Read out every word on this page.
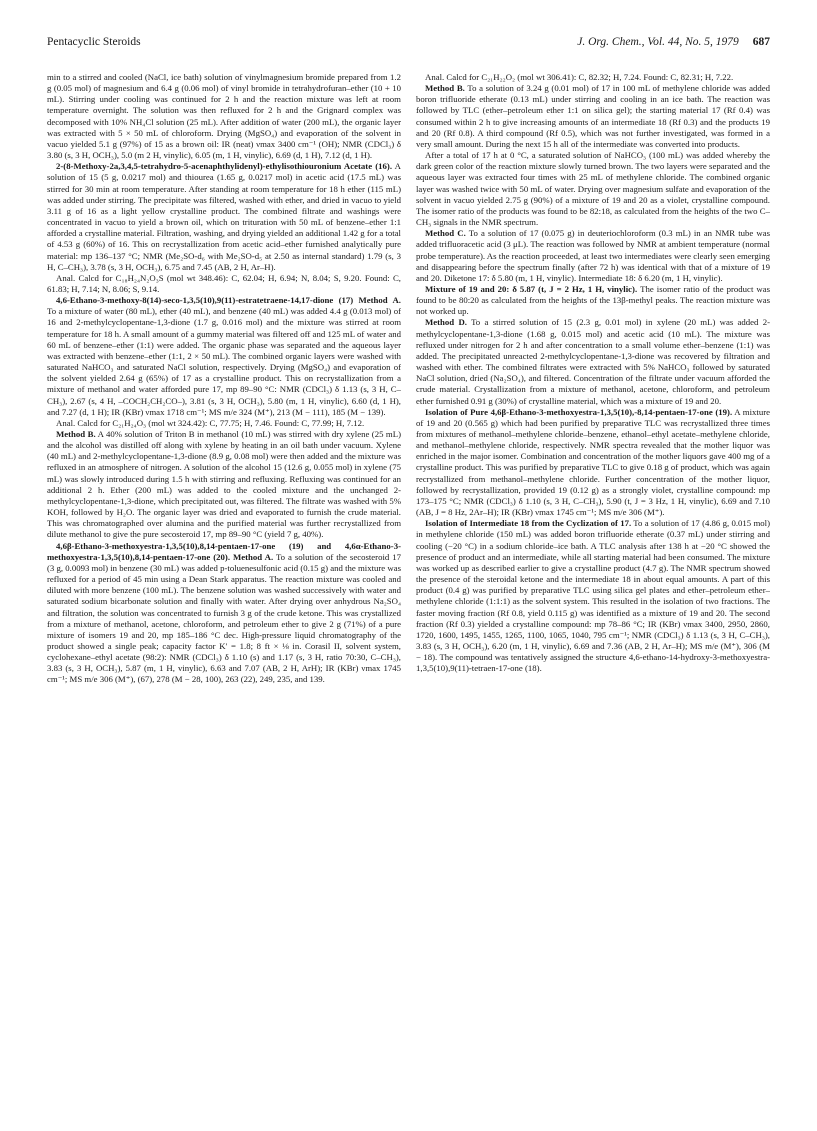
Pentacyclic Steroids	J. Org. Chem., Vol. 44, No. 5, 1979 687

min to a stirred and cooled (NaCl, ice bath) solution of vinylmagnesium bromide prepared from 1.2 g (0.05 mol) of magnesium and 6.4 g (0.06 mol) of vinyl bromide in tetrahydrofuran–ether (10 + 10 mL). Stirring under cooling was continued for 2 h and the reaction mixture was left at room temperature overnight. The solution was then refluxed for 2 h and the Grignard complex was decomposed with 10% NH₄Cl solution (25 mL). After addition of water (200 mL), the organic layer was extracted with 5 × 50 mL of chloroform. Drying (MgSO₄) and evaporation of the solvent in vacuo yielded 5.1 g (97%) of 15 as a brown oil: IR (neat) νmax 3400 cm⁻¹ (OH); NMR (CDCl₃) δ 3.80 (s, 3 H, OCH₃), 5.0 (m 2 H, vinylic), 6.05 (m, 1 H, vinylic), 6.69 (d, 1 H), 7.12 (d, 1 H).

2-(8-Methoxy-2a,3,4,5-tetrahydro-5-acenaphthylidenyl)-ethylisothiouronium Acetate (16). A solution of 15 (5 g, 0.0217 mol) and thiourea (1.65 g, 0.0217 mol) in acetic acid (17.5 mL) was stirred for 30 min at room temperature. After standing at room temperature for 18 h ether (115 mL) was added under stirring. The precipitate was filtered, washed with ether, and dried in vacuo to yield 3.11 g of 16 as a light yellow crystalline product. The combined filtrate and washings were concentrated in vacuo to yield a brown oil, which on trituration with 50 mL of benzene–ether 1:1 afforded a crystalline material. Filtration, washing, and drying yielded an additional 1.42 g for a total of 4.53 g (60%) of 16. This on recrystallization from acetic acid–ether furnished analytically pure material: mp 136–137 °C; NMR (Me₂SO-d₆ with Me₂SO-d₅ at 2.50 as internal standard) 1.79 (s, 3 H, C–CH₃), 3.78 (s, 3 H, OCH₃), 6.75 and 7.45 (AB, 2 H, Ar–H).

Anal. Calcd for C₁₈H₂₄N₂O₃S (mol wt 348.46): C, 62.04; H, 6.94; N, 8.04; S, 9.20. Found: C, 61.83; H, 7.14; N, 8.06; S, 9.14.

4,6-Ethano-3-methoxy-8(14)-seco-1,3,5(10),9(11)-estratetraene-14,17-dione (17) Method A. To a mixture of water (80 mL), ether (40 mL), and benzene (40 mL) was added 4.4 g (0.013 mol) of 16 and 2-methylcyclopentane-1,3-dione (1.7 g, 0.016 mol) and the mixture was stirred at room temperature for 18 h. A small amount of a gummy material was filtered off and 125 mL of water and 60 mL of benzene–ether (1:1) were added. The organic phase was separated and the aqueous layer was extracted with benzene–ether (1:1, 2 × 50 mL). The combined organic layers were washed with saturated NaHCO₃ and saturated NaCl solution, respectively. Drying (MgSO₄) and evaporation of the solvent yielded 2.64 g (65%) of 17 as a crystalline product. This on recrystallization from a mixture of methanol and water afforded pure 17, mp 89–90 °C: NMR (CDCl₃) δ 1.13 (s, 3 H, C–CH₃), 2.67 (s, 4 H, –COCH₂CH₂CO–), 3.81 (s, 3 H, OCH₃), 5.80 (m, 1 H, vinylic), 6.60 (d, 1 H), and 7.27 (d, 1 H); IR (KBr) νmax 1718 cm⁻¹; MS m/e 324 (M⁺), 213 (M − 111), 185 (M − 139).

Anal. Calcd for C₂₁H₂₄O₃ (mol wt 324.42): C, 77.75; H, 7.46. Found: C, 77.99; H, 7.12.

Method B. A 40% solution of Triton B in methanol (10 mL) was stirred with dry xylene (25 mL) and the alcohol was distilled off along with xylene by heating in an oil bath under vacuum. Xylene (40 mL) and 2-methylcyclopentane-1,3-dione (8.9 g, 0.08 mol) were then added and the mixture was refluxed in an atmosphere of nitrogen. A solution of the alcohol 15 (12.6 g, 0.055 mol) in xylene (75 mL) was slowly introduced during 1.5 h with stirring and refluxing. Refluxing was continued for an additional 2 h. Ether (200 mL) was added to the cooled mixture and the unchanged 2-methylcyclopentane-1,3-dione, which precipitated out, was filtered. The filtrate was washed with 5% KOH, followed by H₂O. The organic layer was dried and evaporated to furnish the crude material. This was chromatographed over alumina and the purified material was further recrystallized from dilute methanol to give the pure secosteroid 17, mp 89–90 °C (yield 7 g, 40%).

4,6β-Ethano-3-methoxyestra-1,3,5(10),8,14-pentaen-17-one (19) and 4,6α-Ethano-3-methoxyestra-1,3,5(10),8,14-pentaen-17-one (20). Method A. To a solution of the secosteroid 17 (3 g, 0.0093 mol) in benzene (30 mL) was added p-toluenesulfonic acid (0.15 g) and the mixture was refluxed for a period of 45 min using a Dean Stark apparatus. The reaction mixture was cooled and diluted with more benzene (100 mL). The benzene solution was washed successively with water and saturated sodium bicarbonate solution and finally with water. After drying over anhydrous Na₂SO₄ and filtration, the solution was concentrated to furnish 3 g of the crude ketone. This was crystallized from a mixture of methanol, acetone, chloroform, and petroleum ether to give 2 g (71%) of a pure mixture of isomers 19 and 20, mp 185–186 °C dec. High-pressure liquid chromatography of the product showed a single peak; capacity factor K′ = 1.8; 8 ft × ⅛ in. Corasil II, solvent system, cyclohexane–ethyl acetate (98:2): NMR (CDCl₃) δ 1.10 (s) and 1.17 (s, 3 H, ratio 70:30, C–CH₃), 3.83 (s, 3 H, OCH₃), 5.87 (m, 1 H, vinylic), 6.63 and 7.07 (AB, 2 H, ArH); IR (KBr) νmax 1745 cm⁻¹; MS m/e 306 (M⁺), (67), 278 (M − 28, 100), 263 (22), 249, 235, and 139.

Anal. Calcd for C₂₁H₂₂O₂ (mol wt 306.41): C, 82.32; H, 7.24. Found: C, 82.31; H, 7.22.

Method B. To a solution of 3.24 g (0.01 mol) of 17 in 100 mL of methylene chloride was added boron trifluoride etherate (0.13 mL) under stirring and cooling in an ice bath. The reaction was followed by TLC (ether–petroleum ether 1:1 on silica gel); the starting material 17 (Rf 0.4) was consumed within 2 h to give increasing amounts of an intermediate 18 (Rf 0.3) and the products 19 and 20 (Rf 0.8). A third compound (Rf 0.5), which was not further investigated, was formed in a very small amount. During the next 15 h all of the intermediate was converted into products.

After a total of 17 h at 0 °C, a saturated solution of NaHCO₃ (100 mL) was added whereby the dark green color of the reaction mixture slowly turned brown. The two layers were separated and the aqueous layer was extracted four times with 25 mL of methylene chloride. The combined organic layer was washed twice with 50 mL of water. Drying over magnesium sulfate and evaporation of the solvent in vacuo yielded 2.75 g (90%) of a mixture of 19 and 20 as a violet, crystalline compound. The isomer ratio of the products was found to be 82:18, as calculated from the heights of the two C–CH₃ signals in the NMR spectrum.

Method C. To a solution of 17 (0.075 g) in deuteriochloroform (0.3 mL) in an NMR tube was added trifluoracetic acid (3 μL). The reaction was followed by NMR at ambient temperature (normal probe temperature). As the reaction proceeded, at least two intermediates were clearly seen emerging and disappearing before the spectrum finally (after 72 h) was identical with that of a mixture of 19 and 20. Diketone 17: δ 5.80 (m, 1 H, vinylic). Intermediate 18: δ 6.20 (m, 1 H, vinylic).

Mixture of 19 and 20: δ 5.87 (t, J = 2 Hz, 1 H, vinylic). The isomer ratio of the product was found to be 80:20 as calculated from the heights of the 13β-methyl peaks. The reaction mixture was not worked up.

Method D. To a stirred solution of 15 (2.3 g, 0.01 mol) in xylene (20 mL) was added 2-methylcyclopentane-1,3-dione (1.68 g, 0.015 mol) and acetic acid (10 mL). The mixture was refluxed under nitrogen for 2 h and after concentration to a small volume ether–benzene (1:1) was added. The precipitated unreacted 2-methylcyclopentane-1,3-dione was recovered by filtration and washed with ether. The combined filtrates were extracted with 5% NaHCO₃ followed by saturated NaCl solution, dried (Na₂SO₄), and filtered. Concentration of the filtrate under vacuum afforded the crude material. Crystallization from a mixture of methanol, acetone, chloroform, and petroleum ether furnished 0.91 g (30%) of crystalline material, which was a mixture of 19 and 20.

Isolation of Pure 4,6β-Ethano-3-methoxyestra-1,3,5(10),-8,14-pentaen-17-one (19). A mixture of 19 and 20 (0.565 g) which had been purified by preparative TLC was recrystallized three times from mixtures of methanol–methylene chloride–benzene, ethanol–ethyl acetate–methylene chloride, and methanol–methylene chloride, respectively. NMR spectra revealed that the mother liquor was enriched in the major isomer. Combination and concentration of the mother liquors gave 400 mg of a crystalline product. This was purified by preparative TLC to give 0.18 g of product, which was again recrystallized from methanol–methylene chloride. Further concentration of the mother liquor, followed by recrystallization, provided 19 (0.12 g) as a strongly violet, crystalline compound: mp 173–175 °C; NMR (CDCl₃) δ 1.10 (s, 3 H, C–CH₃), 5.90 (t, J = 3 Hz, 1 H, vinylic), 6.69 and 7.10 (AB, J = 8 Hz, 2Ar–H); IR (KBr) νmax 1745 cm⁻¹; MS m/e 306 (M⁺).

Isolation of Intermediate 18 from the Cyclization of 17. To a solution of 17 (4.86 g, 0.015 mol) in methylene chloride (150 mL) was added boron trifluoride etherate (0.37 mL) under stirring and cooling (−20 °C) in a sodium chloride–ice bath. A TLC analysis after 138 h at −20 °C showed the presence of product and an intermediate, while all starting material had been consumed. The mixture was worked up as described earlier to give a crystalline product (4.7 g). The NMR spectrum showed the presence of the steroidal ketone and the intermediate 18 in about equal amounts. A part of this product (0.4 g) was purified by preparative TLC using silica gel plates and ether–petroleum ether–methylene chloride (1:1:1) as the solvent system. This resulted in the isolation of two fractions. The faster moving fraction (Rf 0.8, yield 0.115 g) was identified as a mixture of 19 and 20. The second fraction (Rf 0.3) yielded a crystalline compound: mp 78–86 °C; IR (KBr) νmax 3400, 2950, 2860, 1720, 1600, 1495, 1455, 1265, 1100, 1065, 1040, 795 cm⁻¹; NMR (CDCl₃) δ 1.13 (s, 3 H, C–CH₃), 3.83 (s, 3 H, OCH₃), 6.20 (m, 1 H, vinylic), 6.69 and 7.36 (AB, 2 H, Ar–H); MS m/e (M⁺), 306 (M − 18). The compound was tentatively assigned the structure 4,6-ethano-14-hydroxy-3-methoxyestra-1,3,5(10),9(11)-tetraen-17-one (18).
